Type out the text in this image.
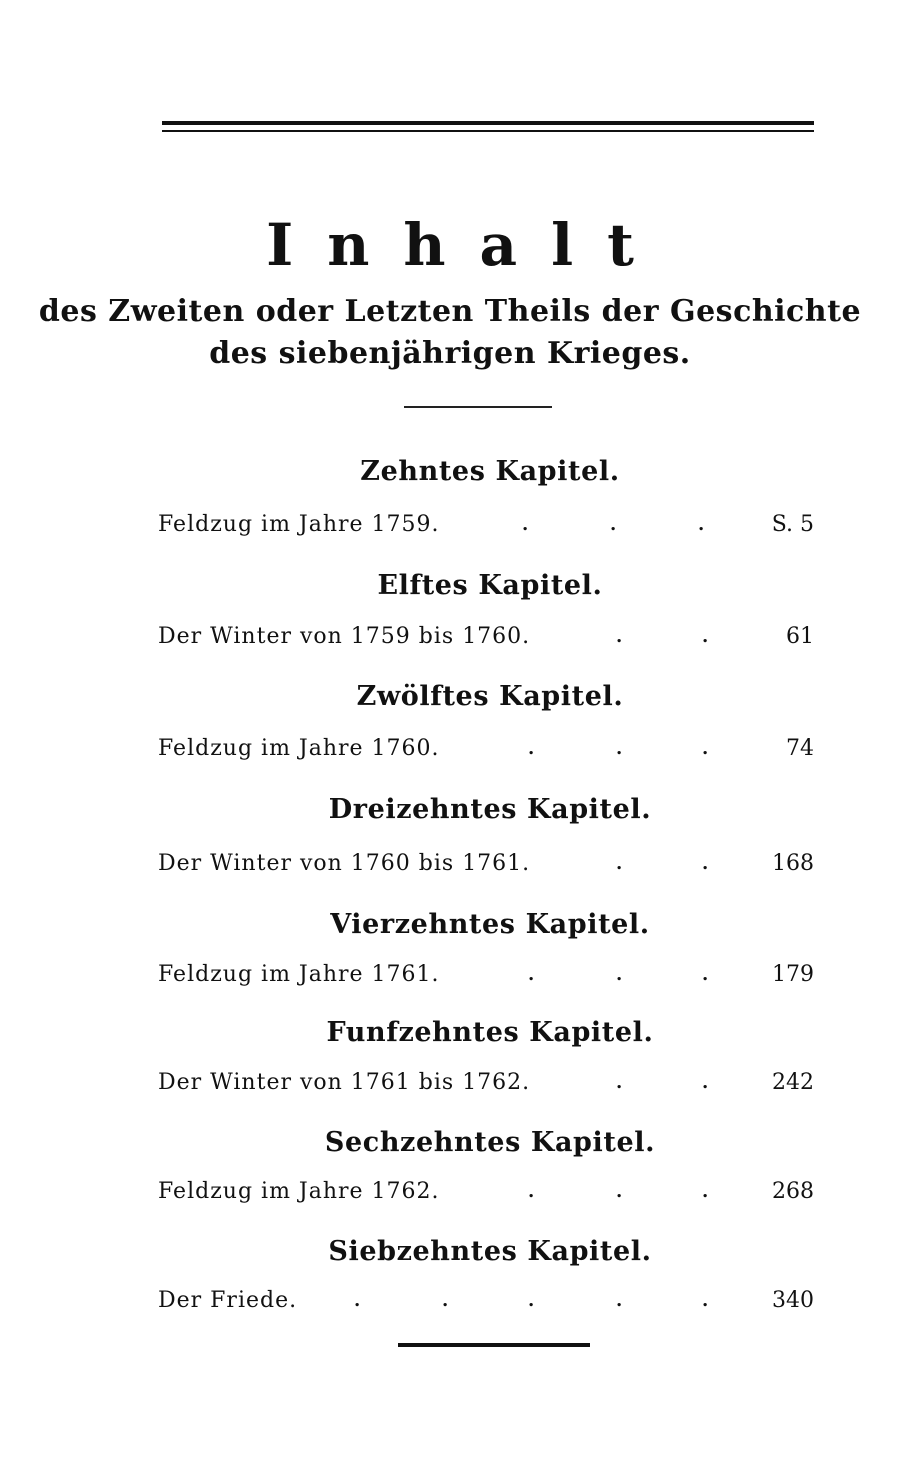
Inhalt
des Zweiten oder Letzten Theils der Geschichte
des siebenjährigen Krieges.
Zehntes Kapitel.
Feldzug im Jahre 1759.	.	.	.	S. 5
Elftes Kapitel.
Der Winter von 1759 bis 1760.	.	.	61
Zwölftes Kapitel.
Feldzug im Jahre 1760.	.	.	.	74
Dreizehntes Kapitel.
Der Winter von 1760 bis 1761.	.	.	168
Vierzehntes Kapitel.
Feldzug im Jahre 1761.	.	.	.	179
Funfzehntes Kapitel.
Der Winter von 1761 bis 1762.	.	.	242
Sechzehntes Kapitel.
Feldzug im Jahre 1762.	.	.	.	268
Siebzehntes Kapitel.
Der Friede.	.	.	.	.	.	340
